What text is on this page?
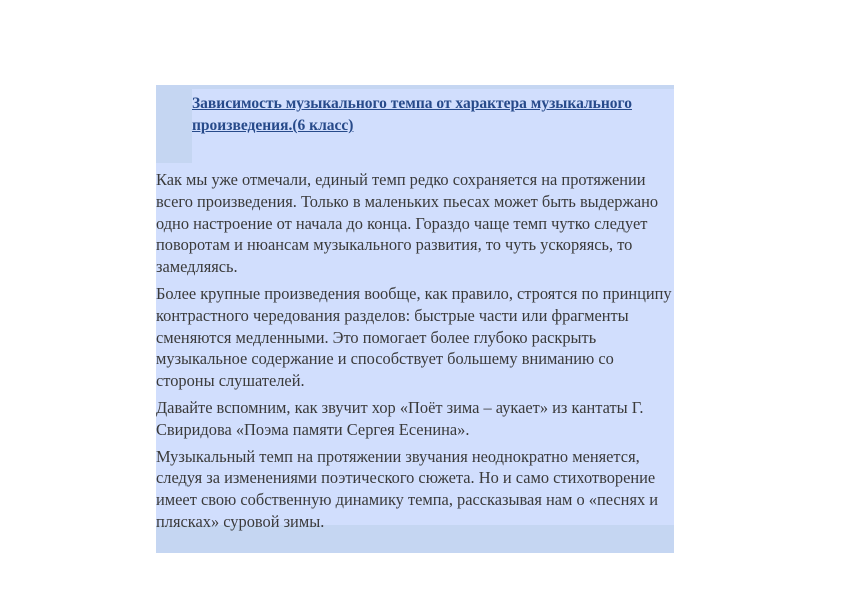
Зависимость музыкального темпа от характера музыкального произведения.(6 класс)

Как мы уже отмечали, единый темп редко сохраняется на протяжении всего произведения. Только в маленьких пьесах может быть выдержано одно настроение от начала до конца. Гораздо чаще темп чутко следует поворотам и нюансам музыкального развития, то чуть ускоряясь, то замедляясь.

Более крупные произведения вообще, как правило, строятся по принципу контрастного чередования разделов: быстрые части или фрагменты сменяются медленными. Это помогает более глубоко раскрыть музыкальное содержание и способствует большему вниманию со стороны слушателей.

Давайте вспомним, как звучит хор «Поёт зима – аукает» из кантаты Г. Свиридова «Поэма памяти Сергея Есенина».

Музыкальный темп на протяжении звучания неоднократно меняется, следуя за изменениями поэтического сюжета. Но и само стихотворение имеет свою собственную динамику темпа, рассказывая нам о «песнях и плясках» суровой зимы.
